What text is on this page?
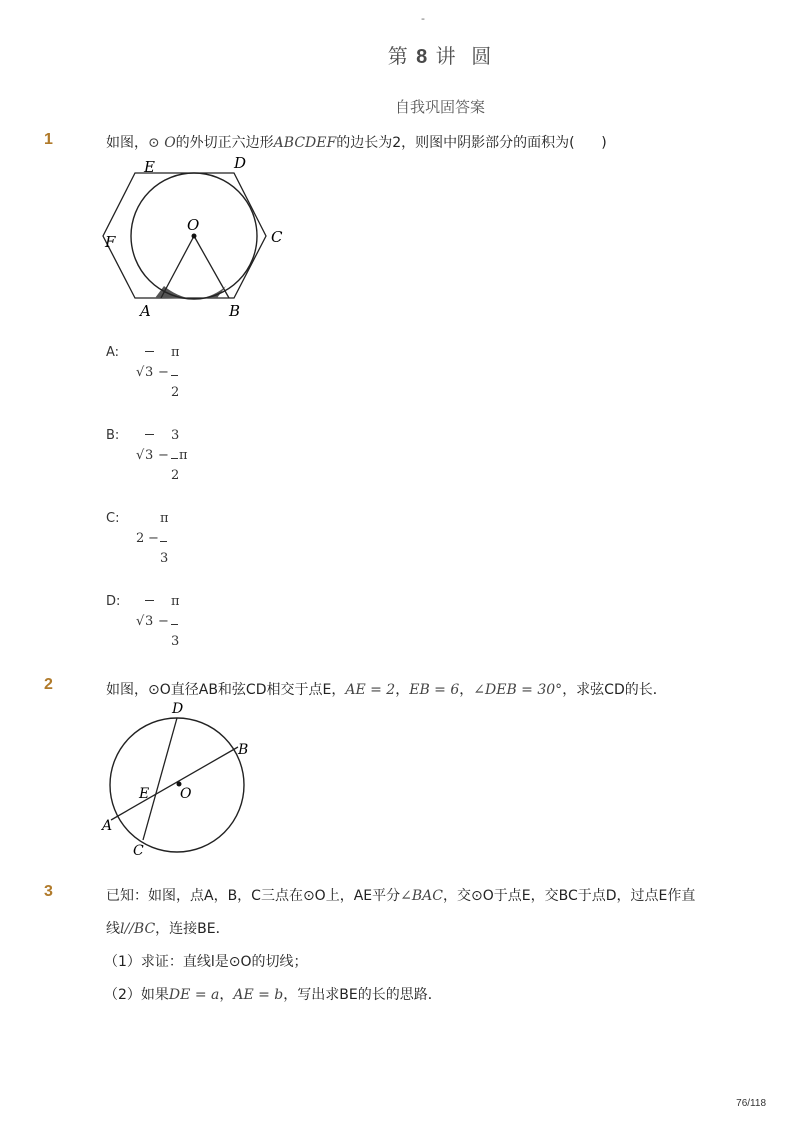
-
第 8 讲 圆
自我巩固答案
1	如图，⊙ O的外切正六边形ABCDEF的边长为2，则图中阴影部分的面积为( )
E	D
F	C
O
A	B
A:
√ 3 −
π
2
B:
√ 3 −
3
2
π
C:
2 −
π
3
D:
√ 3 −
π
3
2	如图，⊙O直径AB和弦CD相交于点E，AE = 2，EB = 6，∠DEB = 30°，求弦CD的长．
D
B
E O
A
C
3	已知：如图，点A，B，C三点在⊙O上，AE平分∠BAC，交⊙O于点E，交BC于点D，过点E作直
线l//BC，连接BE．
（1）求证：直线l是⊙O的切线；
（2）如果DE = a，AE = b，写出求BE的长的思路．
76/118
